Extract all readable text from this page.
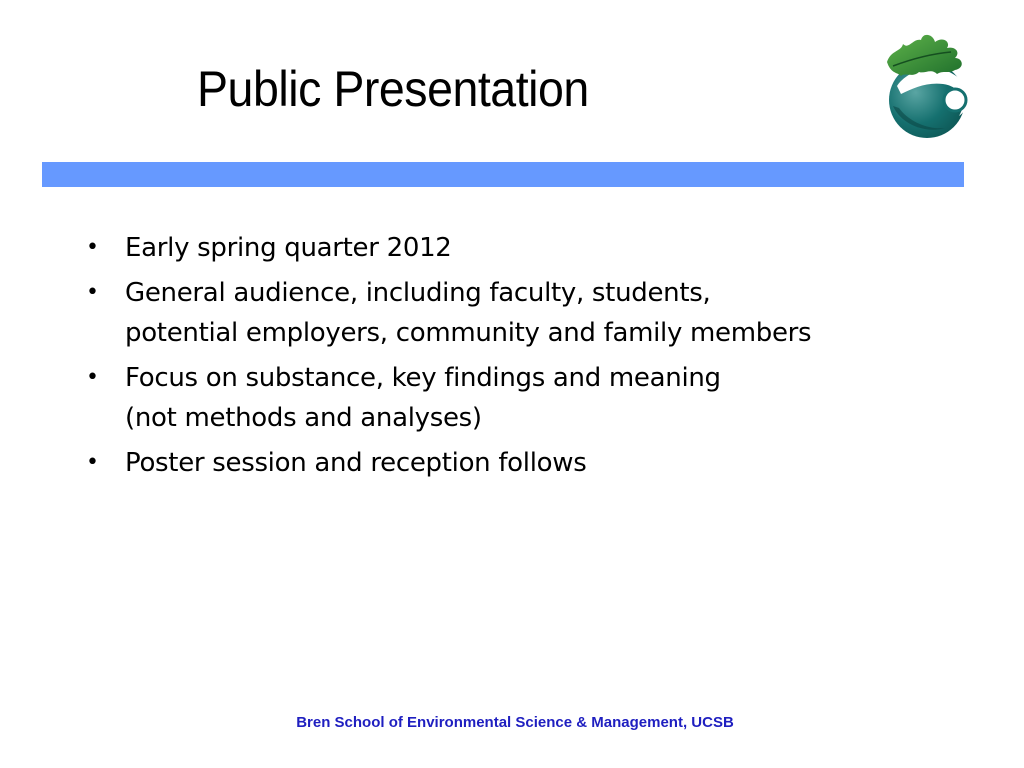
Public Presentation
• Early spring quarter 2012
• General audience, including faculty, students,
potential employers, community and family members
• Focus on substance, key findings and meaning
(not methods and analyses)
• Poster session and reception follows
Bren School of Environmental Science & Management, UCSB
